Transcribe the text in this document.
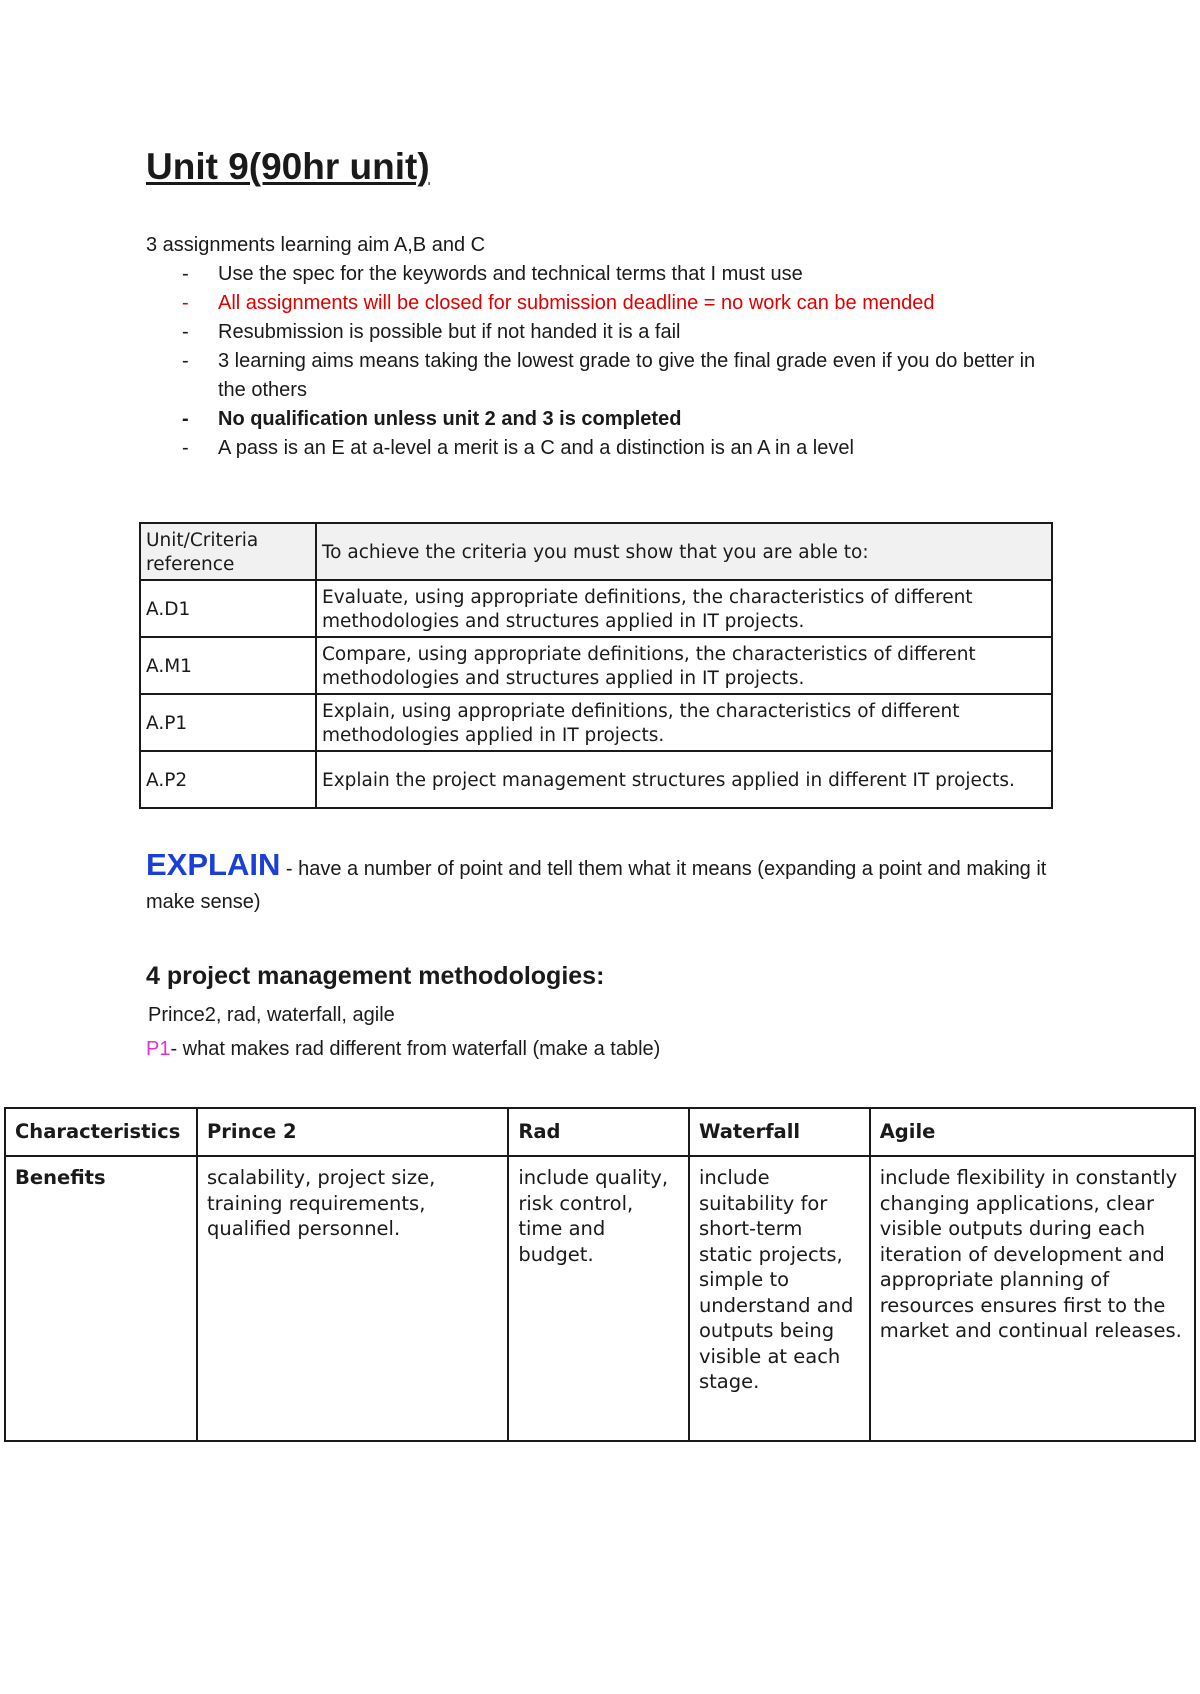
Unit 9(90hr unit)
3 assignments learning aim A,B and C
- Use the spec for the keywords and technical terms that I must use
- All assignments will be closed for submission deadline = no work can be mended
- Resubmission is possible but if not handed it is a fail
- 3 learning aims means taking the lowest grade to give the final grade even if you do better in the others
- No qualification unless unit 2 and 3 is completed
- A pass is an E at a-level a merit is a C and a distinction is an A in a level
Unit/Criteria reference	To achieve the criteria you must show that you are able to:
A.D1	Evaluate, using appropriate definitions, the characteristics of different methodologies and structures applied in IT projects.
A.M1	Compare, using appropriate definitions, the characteristics of different methodologies and structures applied in IT projects.
A.P1	Explain, using appropriate definitions, the characteristics of different methodologies applied in IT projects.
A.P2	Explain the project management structures applied in different IT projects.
EXPLAIN - have a number of point and tell them what it means (expanding a point and making it make sense)
4 project management methodologies:
Prince2, rad, waterfall, agile
P1- what makes rad different from waterfall (make a table)
Characteristics	Prince 2	Rad	Waterfall	Agile
Benefits	scalability, project size, training requirements, qualified personnel.	include quality, risk control, time and budget.	include suitability for short-term static projects, simple to understand and outputs being visible at each stage.	include flexibility in constantly changing applications, clear visible outputs during each iteration of development and appropriate planning of resources ensures first to the market and continual releases.
